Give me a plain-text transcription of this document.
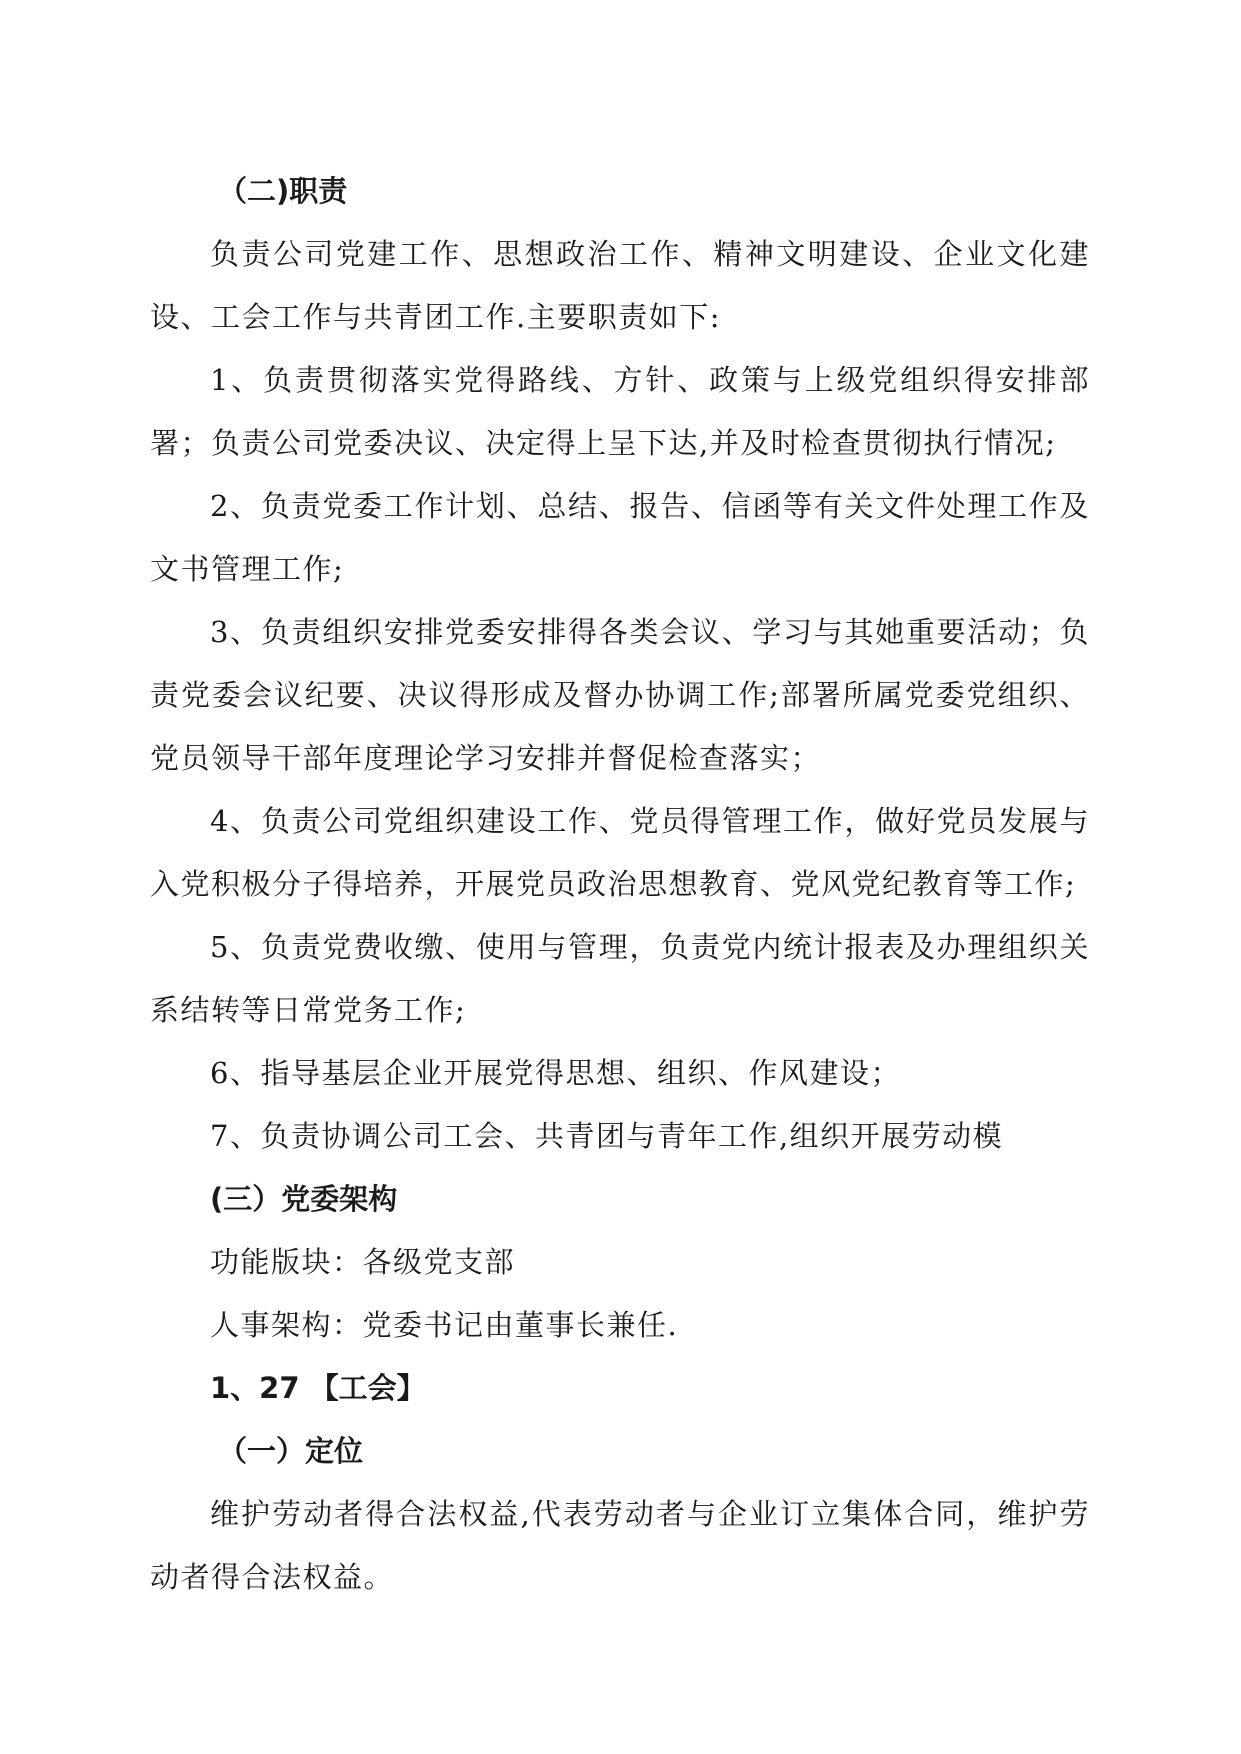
（二)职责

负责公司党建工作、思想政治工作、精神文明建设、企业文化建设、工会工作与共青团工作.主要职责如下:

1、负责贯彻落实党得路线、方针、政策与上级党组织得安排部署；负责公司党委决议、决定得上呈下达,并及时检查贯彻执行情况;

2、负责党委工作计划、总结、报告、信函等有关文件处理工作及文书管理工作;

3、负责组织安排党委安排得各类会议、学习与其她重要活动；负责党委会议纪要、决议得形成及督办协调工作;部署所属党委党组织、党员领导干部年度理论学习安排并督促检查落实；

4、负责公司党组织建设工作、党员得管理工作，做好党员发展与入党积极分子得培养，开展党员政治思想教育、党风党纪教育等工作;

5、负责党费收缴、使用与管理，负责党内统计报表及办理组织关系结转等日常党务工作;

6、指导基层企业开展党得思想、组织、作风建设；

7、负责协调公司工会、共青团与青年工作,组织开展劳动模

(三）党委架构

功能版块：各级党支部

人事架构：党委书记由董事长兼任.

1、27 【工会】

（一）定位

维护劳动者得合法权益,代表劳动者与企业订立集体合同，维护劳动者得合法权益。
